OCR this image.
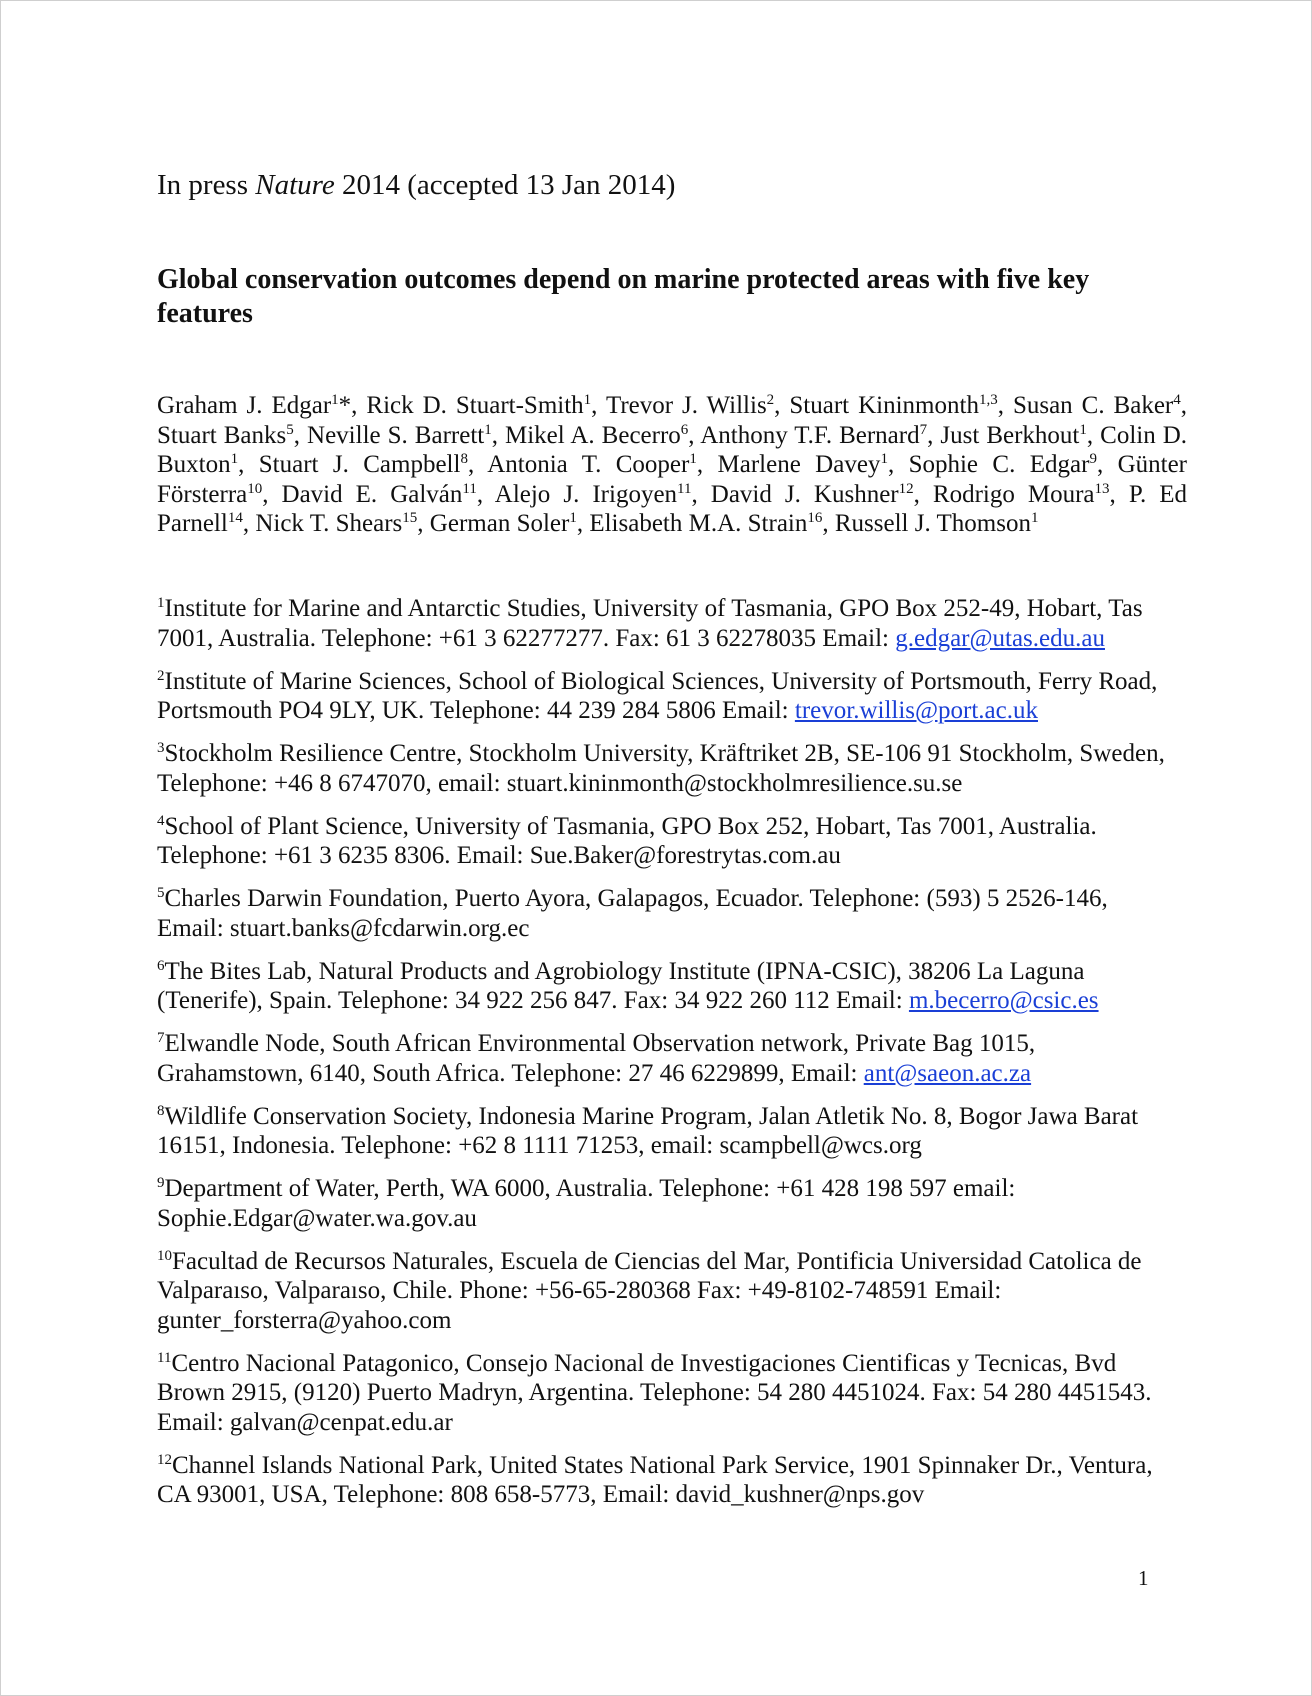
In press Nature 2014 (accepted 13 Jan 2014)
Global conservation outcomes depend on marine protected areas with five key features
Graham J. Edgar$^1$*, Rick D. Stuart-Smith$^1$, Trevor J. Willis$^2$, Stuart Kininmonth$^{1,3}$, Susan C. Baker$^4$, Stuart Banks$^5$, Neville S. Barrett$^1$, Mikel A. Becerro$^6$, Anthony T.F. Bernard$^7$, Just Berkhout$^1$, Colin D. Buxton$^1$, Stuart J. Campbell$^8$, Antonia T. Cooper$^1$, Marlene Davey$^1$, Sophie C. Edgar$^9$, Günter Försterra$^{10}$, David E. Galván$^{11}$, Alejo J. Irigoyen$^{11}$, David J. Kushner$^{12}$, Rodrigo Moura$^{13}$, P. Ed Parnell$^{14}$, Nick T. Shears$^{15}$, German Soler$^1$, Elisabeth M.A. Strain$^{16}$, Russell J. Thomson$^1$
$^1$Institute for Marine and Antarctic Studies, University of Tasmania, GPO Box 252-49, Hobart, Tas 7001, Australia. Telephone: +61 3 62277277. Fax: 61 3 62278035 Email: g.edgar@utas.edu.au
$^2$Institute of Marine Sciences, School of Biological Sciences, University of Portsmouth, Ferry Road, Portsmouth PO4 9LY, UK. Telephone: 44 239 284 5806 Email: trevor.willis@port.ac.uk
$^3$Stockholm Resilience Centre, Stockholm University, Kräftriket 2B, SE-106 91 Stockholm, Sweden, Telephone: +46 8 6747070, email: stuart.kininmonth@stockholmresilience.su.se
$^4$School of Plant Science, University of Tasmania, GPO Box 252, Hobart, Tas 7001, Australia. Telephone: +61 3 6235 8306. Email: Sue.Baker@forestrytas.com.au
$^5$Charles Darwin Foundation, Puerto Ayora, Galapagos, Ecuador. Telephone: (593) 5 2526-146, Email: stuart.banks@fcdarwin.org.ec
$^6$The Bites Lab, Natural Products and Agrobiology Institute (IPNA-CSIC), 38206 La Laguna (Tenerife), Spain. Telephone: 34 922 256 847. Fax: 34 922 260 112 Email: m.becerro@csic.es
$^7$Elwandle Node, South African Environmental Observation network, Private Bag 1015, Grahamstown, 6140, South Africa. Telephone: 27 46 6229899, Email: ant@saeon.ac.za
$^8$Wildlife Conservation Society, Indonesia Marine Program, Jalan Atletik No. 8, Bogor Jawa Barat 16151, Indonesia. Telephone: +62 8 1111 71253, email: scampbell@wcs.org
$^9$Department of Water, Perth, WA 6000, Australia. Telephone: +61 428 198 597 email: Sophie.Edgar@water.wa.gov.au
$^{10}$Facultad de Recursos Naturales, Escuela de Ciencias del Mar, Pontificia Universidad Catolica de Valparaıso, Valparaıso, Chile. Phone: +56-65-280368 Fax: +49-8102-748591 Email: gunter_forsterra@yahoo.com
$^{11}$Centro Nacional Patagonico, Consejo Nacional de Investigaciones Cientificas y Tecnicas, Bvd Brown 2915, (9120) Puerto Madryn, Argentina. Telephone: 54 280 4451024. Fax: 54 280 4451543. Email: galvan@cenpat.edu.ar
$^{12}$Channel Islands National Park, United States National Park Service, 1901 Spinnaker Dr., Ventura, CA 93001, USA, Telephone: 808 658-5773, Email: david_kushner@nps.gov
1
